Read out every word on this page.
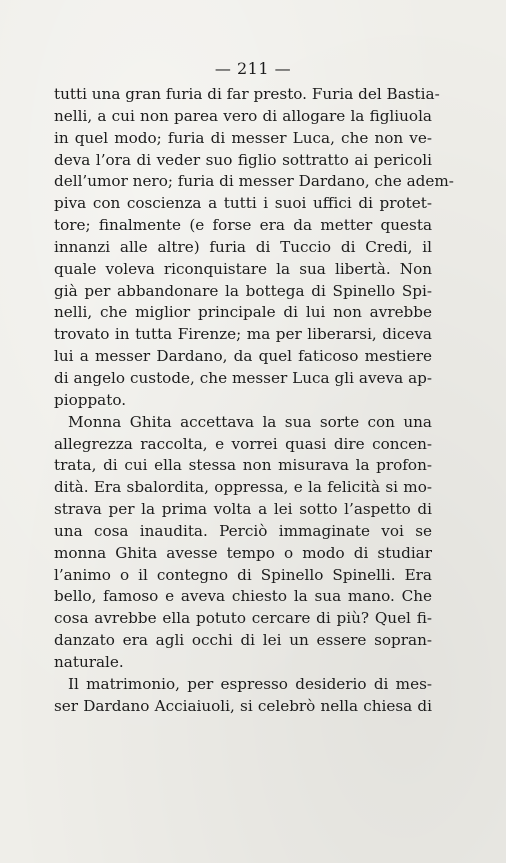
— 211 —
tutti una gran furia di far presto. Furia del Bastia-
nelli, a cui non parea vero di allogare la figliuola
in quel modo; furia di messer Luca, che non ve-
deva l’ora di veder suo figlio sottratto ai pericoli
dell’umor nero; furia di messer Dardano, che adem-
piva con coscienza a tutti i suoi uffici di protet-
tore; finalmente (e forse era da metter questa
innanzi alle altre) furia di Tuccio di Credi, il
quale voleva riconquistare la sua libertà. Non
già per abbandonare la bottega di Spinello Spi-
nelli, che miglior principale di lui non avrebbe
trovato in tutta Firenze; ma per liberarsi, diceva
lui a messer Dardano, da quel faticoso mestiere
di angelo custode, che messer Luca gli aveva ap-
pioppato.
Monna Ghita accettava la sua sorte con una
allegrezza raccolta, e vorrei quasi dire concen-
trata, di cui ella stessa non misurava la profon-
dità. Era sbalordita, oppressa, e la felicità si mo-
strava per la prima volta a lei sotto l’aspetto di
una cosa inaudita. Perciò immaginate voi se
monna Ghita avesse tempo o modo di studiar
l’animo o il contegno di Spinello Spinelli. Era
bello, famoso e aveva chiesto la sua mano. Che
cosa avrebbe ella potuto cercare di più? Quel fi-
danzato era agli occhi di lei un essere sopran-
naturale.
Il matrimonio, per espresso desiderio di mes-
ser Dardano Acciaiuoli, si celebrò nella chiesa di
